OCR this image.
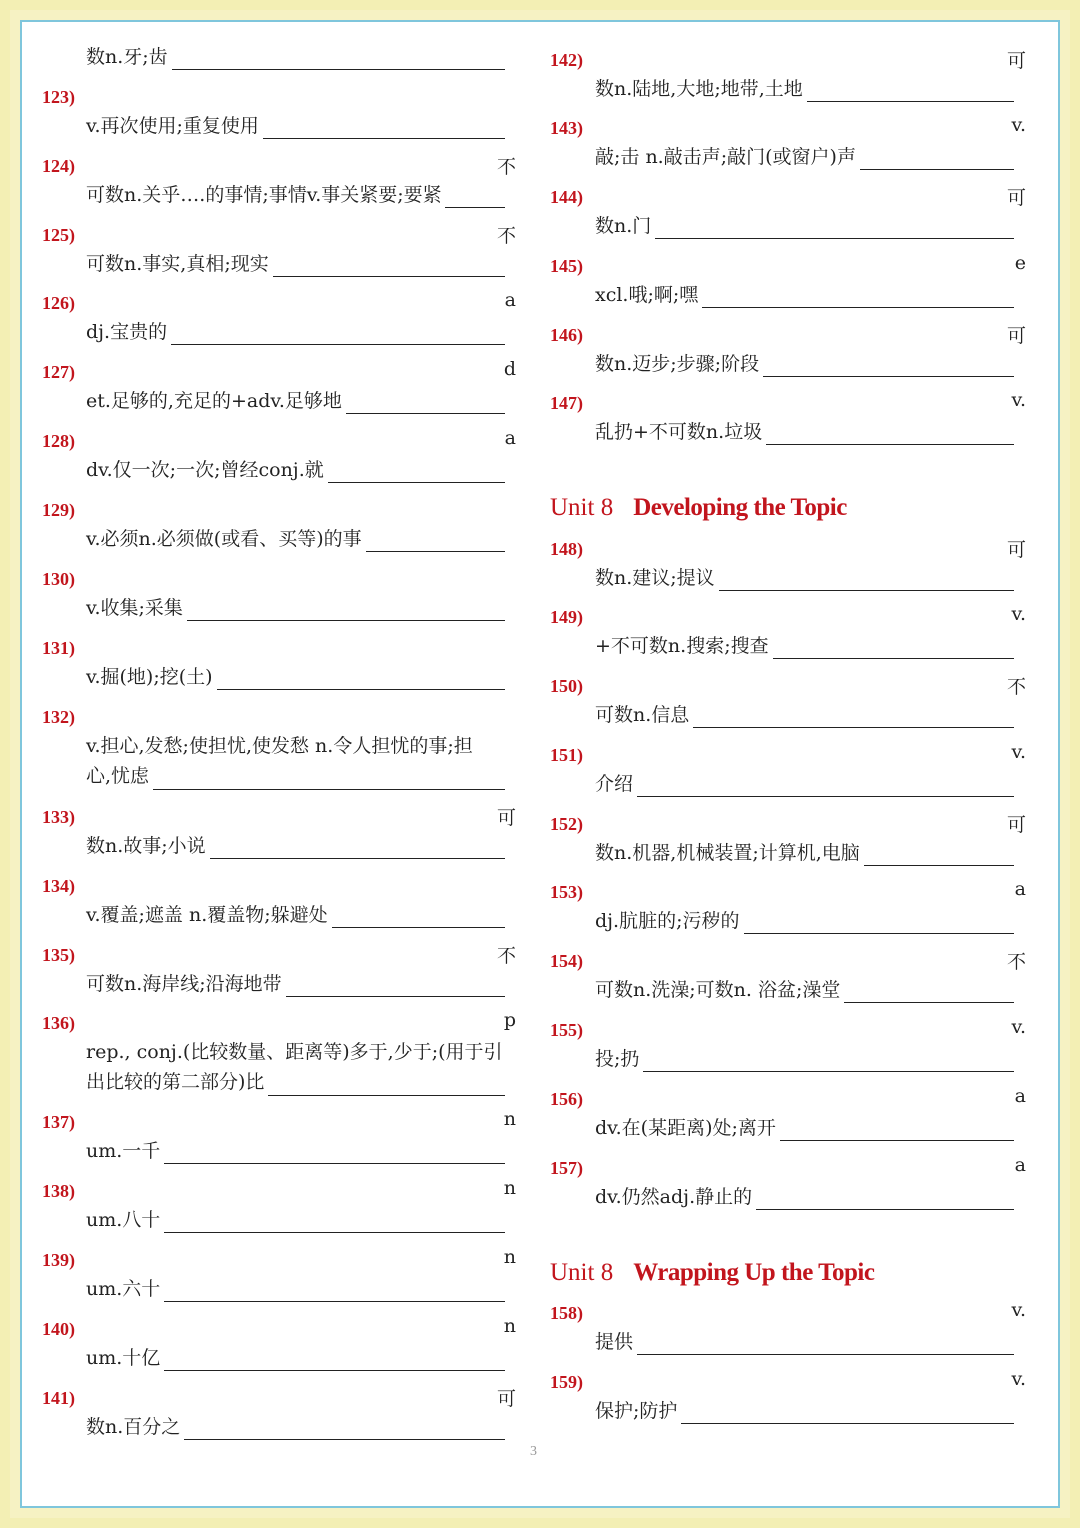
数n.牙;齿
Unit 8 Developing the Topic
Unit 8 Wrapping Up the Topic
123)
v.再次使用;重复使用
124)	不
可数n.关乎….的事情;事情v.事关紧要;要紧
125)	不
可数n.事实,真相;现实
126)	a
dj.宝贵的
127)	d
et.足够的,充足的+adv.足够地
128)	a
dv.仅一次;一次;曾经conj.就
129)
v.必须n.必须做(或看、买等)的事
130)
v.收集;采集
131)
v.掘(地);挖(土)
132)
v.担心,发愁;使担忧,使发愁 n.令人担忧的事;担
心,忧虑
133)	可
数n.故事;小说
134)
v.覆盖;遮盖 n.覆盖物;躲避处
135)	不
可数n.海岸线;沿海地带
136)	p
rep., conj.(比较数量、距离等)多于,少于;(用于引
出比较的第二部分)比
137)	n
um.一千
138)	n
um.八十
139)	n
um.六十
140)	n
um.十亿
141)	可
数n.百分之
142)	可
数n.陆地,大地;地带,土地
143)	v.
敲;击 n.敲击声;敲门(或窗户)声
144)	可
数n.门
145)	e
xcl.哦;啊;嘿
146)	可
数n.迈步;步骤;阶段
147)	v.
乱扔+不可数n.垃圾
148)	可
数n.建议;提议
149)	v.
+不可数n.搜索;搜查
150)	不
可数n.信息
151)	v.
介绍
152)	可
数n.机器,机械装置;计算机,电脑
153)	a
dj.肮脏的;污秽的
154)	不
可数n.洗澡;可数n. 浴盆;澡堂
155)	v.
投;扔
156)	a
dv.在(某距离)处;离开
157)	a
dv.仍然adj.静止的
158)	v.
提供
159)	v.
保护;防护
3
